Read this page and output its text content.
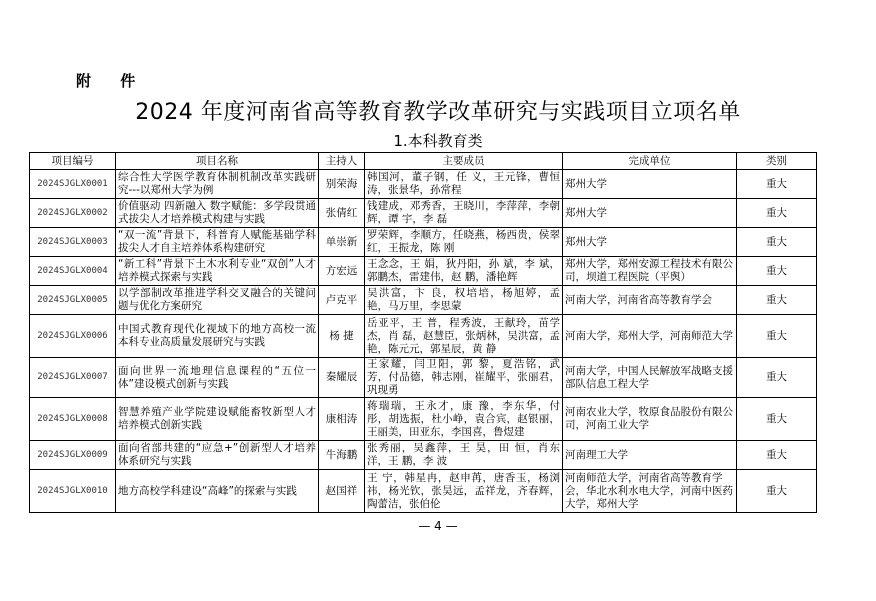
附 件
2024 年度河南省高等教育教学改革研究与实践项目立项名单
1.本科教育类
项目编号	项目名称	主持人	主要成员	完成单位	类别
2024SJGLX0001	综合性大学医学教育体制机制改革实践研究---以郑州大学为例	别荣海	韩国河，董子钢，任 义，王元锋，曹恒涛，张景华，孙常程	郑州大学	重大
2024SJGLX0002	价值驱动 四新融入 数字赋能：多学段贯通式拔尖人才培养模式构建与实践	张倩红	钱建成，邓秀香，王晓川，李萍萍，李朝辉，谭 宇，李 磊	郑州大学	重大
2024SJGLX0003	“双一流”背景下，科普育人赋能基础学科拔尖人才自主培养体系构建研究	单崇新	罗荣辉，李顺方，任晓燕，杨西贵，侯翠红，王振龙，陈 刚	郑州大学	重大
2024SJGLX0004	“新工科”背景下土木水利专业“双创”人才培养模式探索与实践	方宏远	王念念，王 娟，狄丹阳，孙 斌，李 斌，郭鹏杰，雷建伟，赵 鹏，潘艳辉	郑州大学，郑州安源工程技术有限公司，坝道工程医院（平舆）	重大
2024SJGLX0005	以学部制改革推进学科交叉融合的关键问题与优化方案研究	卢克平	吴洪富，卞 良，权培培，杨旭婷，孟 艳，马万里，李思蒙	河南大学，河南省高等教育学会	重大
2024SJGLX0006	中国式教育现代化视域下的地方高校一流本科专业高质量发展研究与实践	杨 捷	岳亚平，王 普，程秀波，王献玲，苗学杰，肖 磊，赵慧臣，张炳林，吴洪富，孟 艳，陈元元，郭星辰，黄 静	河南大学，郑州大学，河南师范大学	重大
2024SJGLX0007	面向世界一流地理信息课程的“五位一体”建设模式创新与实践	秦耀辰	王家耀，闫卫阳，郭 黎，夏浩铭，武 芳，付品德，韩志刚，崔耀平，张丽君，巩现勇	河南大学，中国人民解放军战略支援部队信息工程大学	重大
2024SJGLX0008	智慧养殖产业学院建设赋能畜牧新型人才培养模式创新实践	康相涛	蒋瑞瑞，王永才，康 豫，李东华，付 彤，胡选振，杜小峥，袁合宾，赵银丽，王丽美，田亚东，李国喜，鲁煜建	河南农业大学，牧原食品股份有限公司，河南工业大学	重大
2024SJGLX0009	面向省部共建的“应急+”创新型人才培养体系研究与实践	牛海鹏	张秀丽，吴鑫萍，王 昊，田 恒，肖东洋，王 鹏，李 波	河南理工大学	重大
2024SJGLX0010	地方高校学科建设“高峰”的探索与实践	赵国祥	王 宁，韩星冉，赵申苒，唐香玉，杨浏祎，杨光钦，张昊远，孟祥龙，齐春辉，陶蕾洁，张伯伦	河南师范大学，河南省高等教育学会，华北水利水电大学，河南中医药大学，郑州大学	重大
— 4 —
